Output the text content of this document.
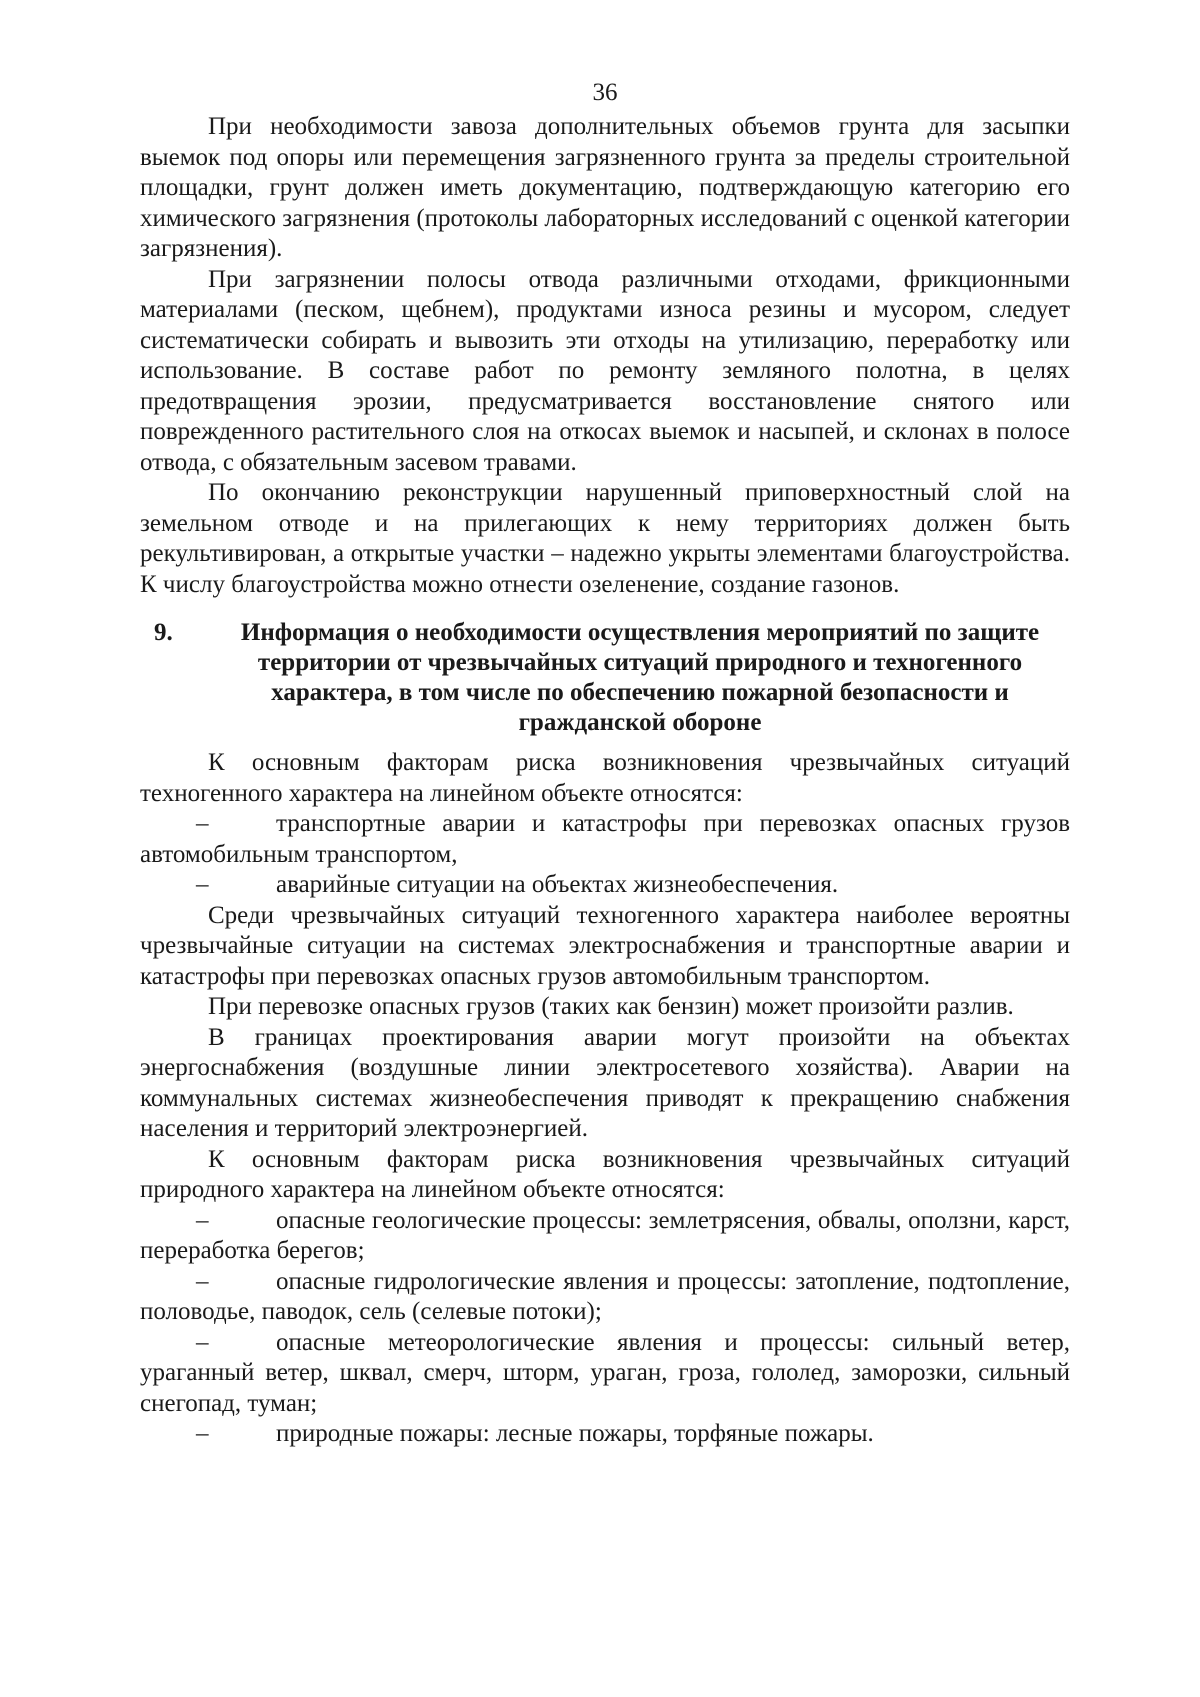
36

При необходимости завоза дополнительных объемов грунта для засыпки выемок под опоры или перемещения загрязненного грунта за пределы строительной площадки, грунт должен иметь документацию, подтверждающую категорию его химического загрязнения (протоколы лабораторных исследований с оценкой категории загрязнения).

При загрязнении полосы отвода различными отходами, фрикционными материалами (песком, щебнем), продуктами износа резины и мусором, следует систематически собирать и вывозить эти отходы на утилизацию, переработку или использование. В составе работ по ремонту земляного полотна, в целях предотвращения эрозии, предусматривается восстановление снятого или поврежденного растительного слоя на откосах выемок и насыпей, и склонах в полосе отвода, с обязательным засевом травами.

По окончанию реконструкции нарушенный приповерхностный слой на земельном отводе и на прилегающих к нему территориях должен быть рекультивирован, а открытые участки – надежно укрыты элементами благоустройства. К числу благоустройства можно отнести озеленение, создание газонов.

9.	Информация о необходимости осуществления мероприятий по защите территории от чрезвычайных ситуаций природного и техногенного характера, в том числе по обеспечению пожарной безопасности и гражданской обороне

К основным факторам риска возникновения чрезвычайных ситуаций техногенного характера на линейном объекте относятся:

–	транспортные аварии и катастрофы при перевозках опасных грузов автомобильным транспортом,

–	аварийные ситуации на объектах жизнеобеспечения.

Среди чрезвычайных ситуаций техногенного характера наиболее вероятны чрезвычайные ситуации на системах электроснабжения и транспортные аварии и катастрофы при перевозках опасных грузов автомобильным транспортом.

При перевозке опасных грузов (таких как бензин) может произойти разлив.

В границах проектирования аварии могут произойти на объектах энергоснабжения (воздушные линии электросетевого хозяйства). Аварии на коммунальных системах жизнеобеспечения приводят к прекращению снабжения населения и территорий электроэнергией.

К основным факторам риска возникновения чрезвычайных ситуаций природного характера на линейном объекте относятся:

–	опасные геологические процессы: землетрясения, обвалы, оползни, карст, переработка берегов;

–	опасные гидрологические явления и процессы: затопление, подтопление, половодье, паводок, сель (селевые потоки);

–	опасные метеорологические явления и процессы: сильный ветер, ураганный ветер, шквал, смерч, шторм, ураган, гроза, гололед, заморозки, сильный снегопад, туман;

–	природные пожары: лесные пожары, торфяные пожары.
